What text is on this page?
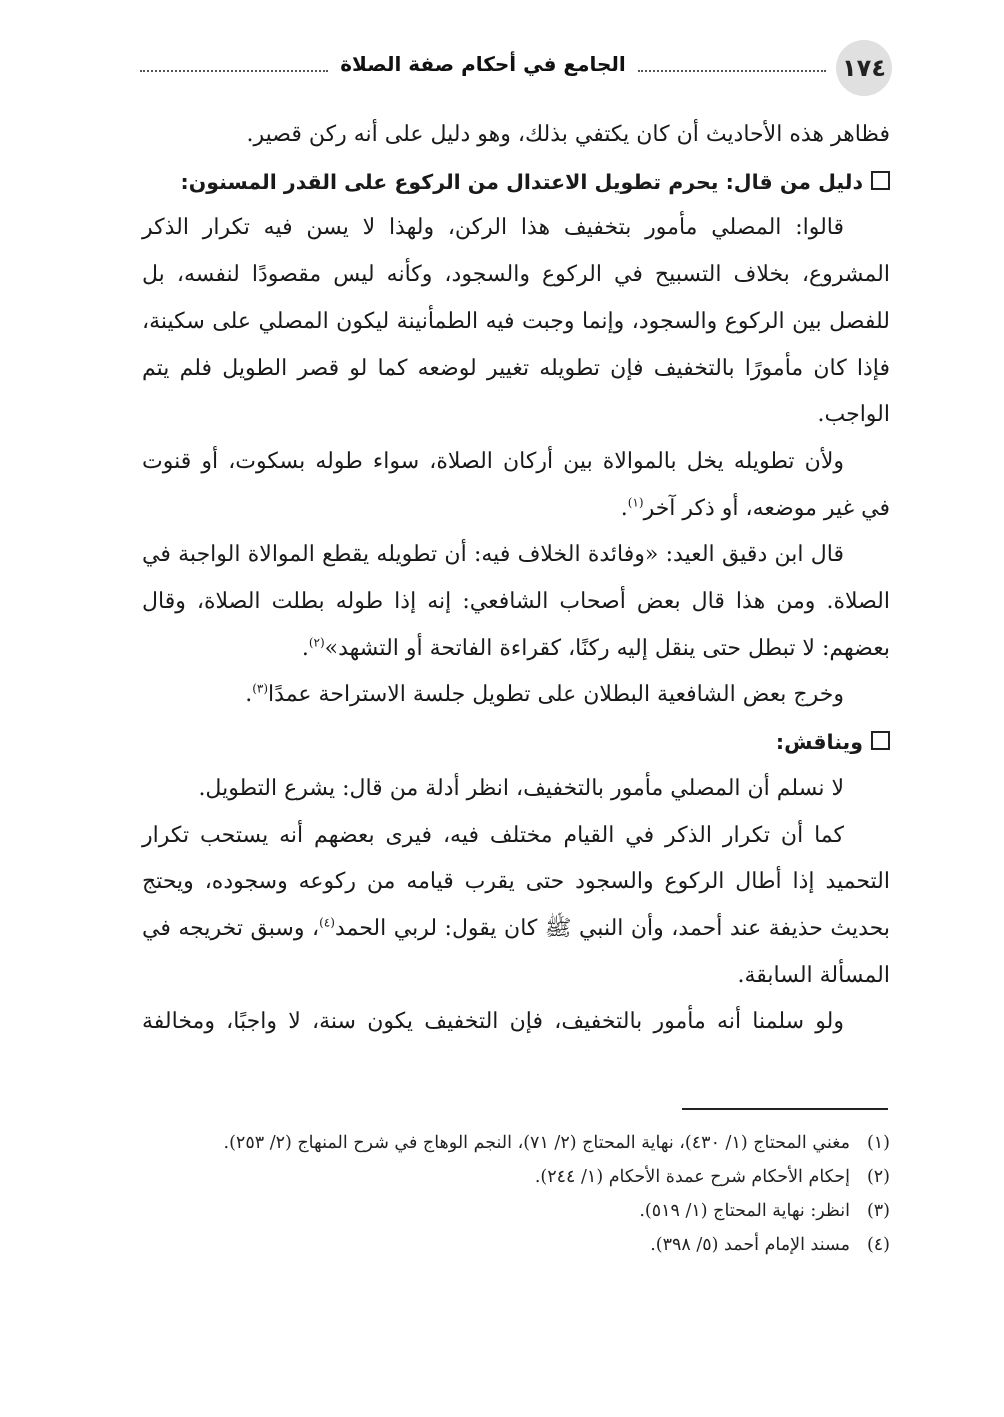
١٧٤
الجامع في أحكام صفة الصلاة

فظاهر هذه الأحاديث أن كان يكتفي بذلك، وهو دليل على أنه ركن قصير.

دليل من قال: يحرم تطويل الاعتدال من الركوع على القدر المسنون:

قالوا: المصلي مأمور بتخفيف هذا الركن، ولهذا لا يسن فيه تكرار الذكر المشروع، بخلاف التسبيح في الركوع والسجود، وكأنه ليس مقصودًا لنفسه، بل للفصل بين الركوع والسجود، وإنما وجبت فيه الطمأنينة ليكون المصلي على سكينة، فإذا كان مأمورًا بالتخفيف فإن تطويله تغيير لوضعه كما لو قصر الطويل فلم يتم الواجب.

ولأن تطويله يخل بالموالاة بين أركان الصلاة، سواء طوله بسكوت، أو قنوت في غير موضعه، أو ذكر آخر$^{(١)}$.

قال ابن دقيق العيد: «وفائدة الخلاف فيه: أن تطويله يقطع الموالاة الواجبة في الصلاة. ومن هذا قال بعض أصحاب الشافعي: إنه إذا طوله بطلت الصلاة، وقال بعضهم: لا تبطل حتى ينقل إليه ركنًا، كقراءة الفاتحة أو التشهد»$^{(٢)}$.

وخرج بعض الشافعية البطلان على تطويل جلسة الاستراحة عمدًا$^{(٣)}$.

ويناقش:

لا نسلم أن المصلي مأمور بالتخفيف، انظر أدلة من قال: يشرع التطويل.

كما أن تكرار الذكر في القيام مختلف فيه، فيرى بعضهم أنه يستحب تكرار التحميد إذا أطال الركوع والسجود حتى يقرب قيامه من ركوعه وسجوده، ويحتج بحديث حذيفة عند أحمد، وأن النبي ﷺ كان يقول: لربي الحمد$^{(٤)}$، وسبق تخريجه في المسألة السابقة.

ولو سلمنا أنه مأمور بالتخفيف، فإن التخفيف يكون سنة، لا واجبًا، ومخالفة

(١)
مغني المحتاج (١/ ٤٣٠)، نهاية المحتاج (٢/ ٧١)، النجم الوهاج في شرح المنهاج (٢/ ٢٥٣).
(٢)
إحكام الأحكام شرح عمدة الأحكام (١/ ٢٤٤).
(٣)
انظر: نهاية المحتاج (١/ ٥١٩).
(٤)
مسند الإمام أحمد (٥/ ٣٩٨).
